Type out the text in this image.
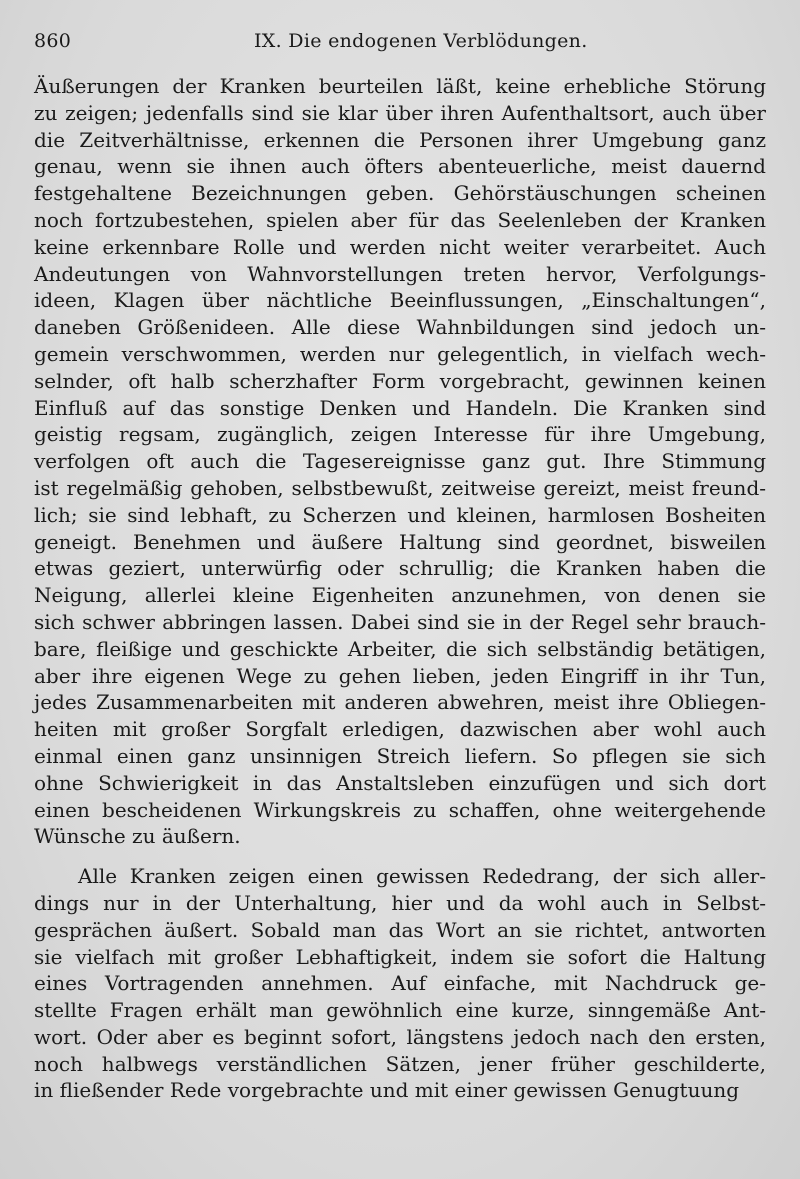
860	IX. Die endogenen Verblödungen.
Äußerungen der Kranken beurteilen läßt, keine erhebliche Störung
zu zeigen; jedenfalls sind sie klar über ihren Aufenthaltsort, auch über
die Zeitverhältnisse, erkennen die Personen ihrer Umgebung ganz
genau, wenn sie ihnen auch öfters abenteuerliche, meist dauernd
festgehaltene Bezeichnungen geben. Gehörstäuschungen scheinen
noch fortzubestehen, spielen aber für das Seelenleben der Kranken
keine erkennbare Rolle und werden nicht weiter verarbeitet. Auch
Andeutungen von Wahnvorstellungen treten hervor, Verfolgungs-
ideen, Klagen über nächtliche Beeinflussungen, „Einschaltungen“,
daneben Größenideen. Alle diese Wahnbildungen sind jedoch un-
gemein verschwommen, werden nur gelegentlich, in vielfach wech-
selnder, oft halb scherzhafter Form vorgebracht, gewinnen keinen
Einfluß auf das sonstige Denken und Handeln. Die Kranken sind
geistig regsam, zugänglich, zeigen Interesse für ihre Umgebung,
verfolgen oft auch die Tagesereignisse ganz gut. Ihre Stimmung
ist regelmäßig gehoben, selbstbewußt, zeitweise gereizt, meist freund-
lich; sie sind lebhaft, zu Scherzen und kleinen, harmlosen Bosheiten
geneigt. Benehmen und äußere Haltung sind geordnet, bisweilen
etwas geziert, unterwürfig oder schrullig; die Kranken haben die
Neigung, allerlei kleine Eigenheiten anzunehmen, von denen sie
sich schwer abbringen lassen. Dabei sind sie in der Regel sehr brauch-
bare, fleißige und geschickte Arbeiter, die sich selbständig betätigen,
aber ihre eigenen Wege zu gehen lieben, jeden Eingriff in ihr Tun,
jedes Zusammenarbeiten mit anderen abwehren, meist ihre Obliegen-
heiten mit großer Sorgfalt erledigen, dazwischen aber wohl auch
einmal einen ganz unsinnigen Streich liefern. So pflegen sie sich
ohne Schwierigkeit in das Anstaltsleben einzufügen und sich dort
einen bescheidenen Wirkungskreis zu schaffen, ohne weitergehende
Wünsche zu äußern.
Alle Kranken zeigen einen gewissen Rededrang, der sich aller-
dings nur in der Unterhaltung, hier und da wohl auch in Selbst-
gesprächen äußert. Sobald man das Wort an sie richtet, antworten
sie vielfach mit großer Lebhaftigkeit, indem sie sofort die Haltung
eines Vortragenden annehmen. Auf einfache, mit Nachdruck ge-
stellte Fragen erhält man gewöhnlich eine kurze, sinngemäße Ant-
wort. Oder aber es beginnt sofort, längstens jedoch nach den ersten,
noch halbwegs verständlichen Sätzen, jener früher geschilderte,
in fließender Rede vorgebrachte und mit einer gewissen Genugtuung
